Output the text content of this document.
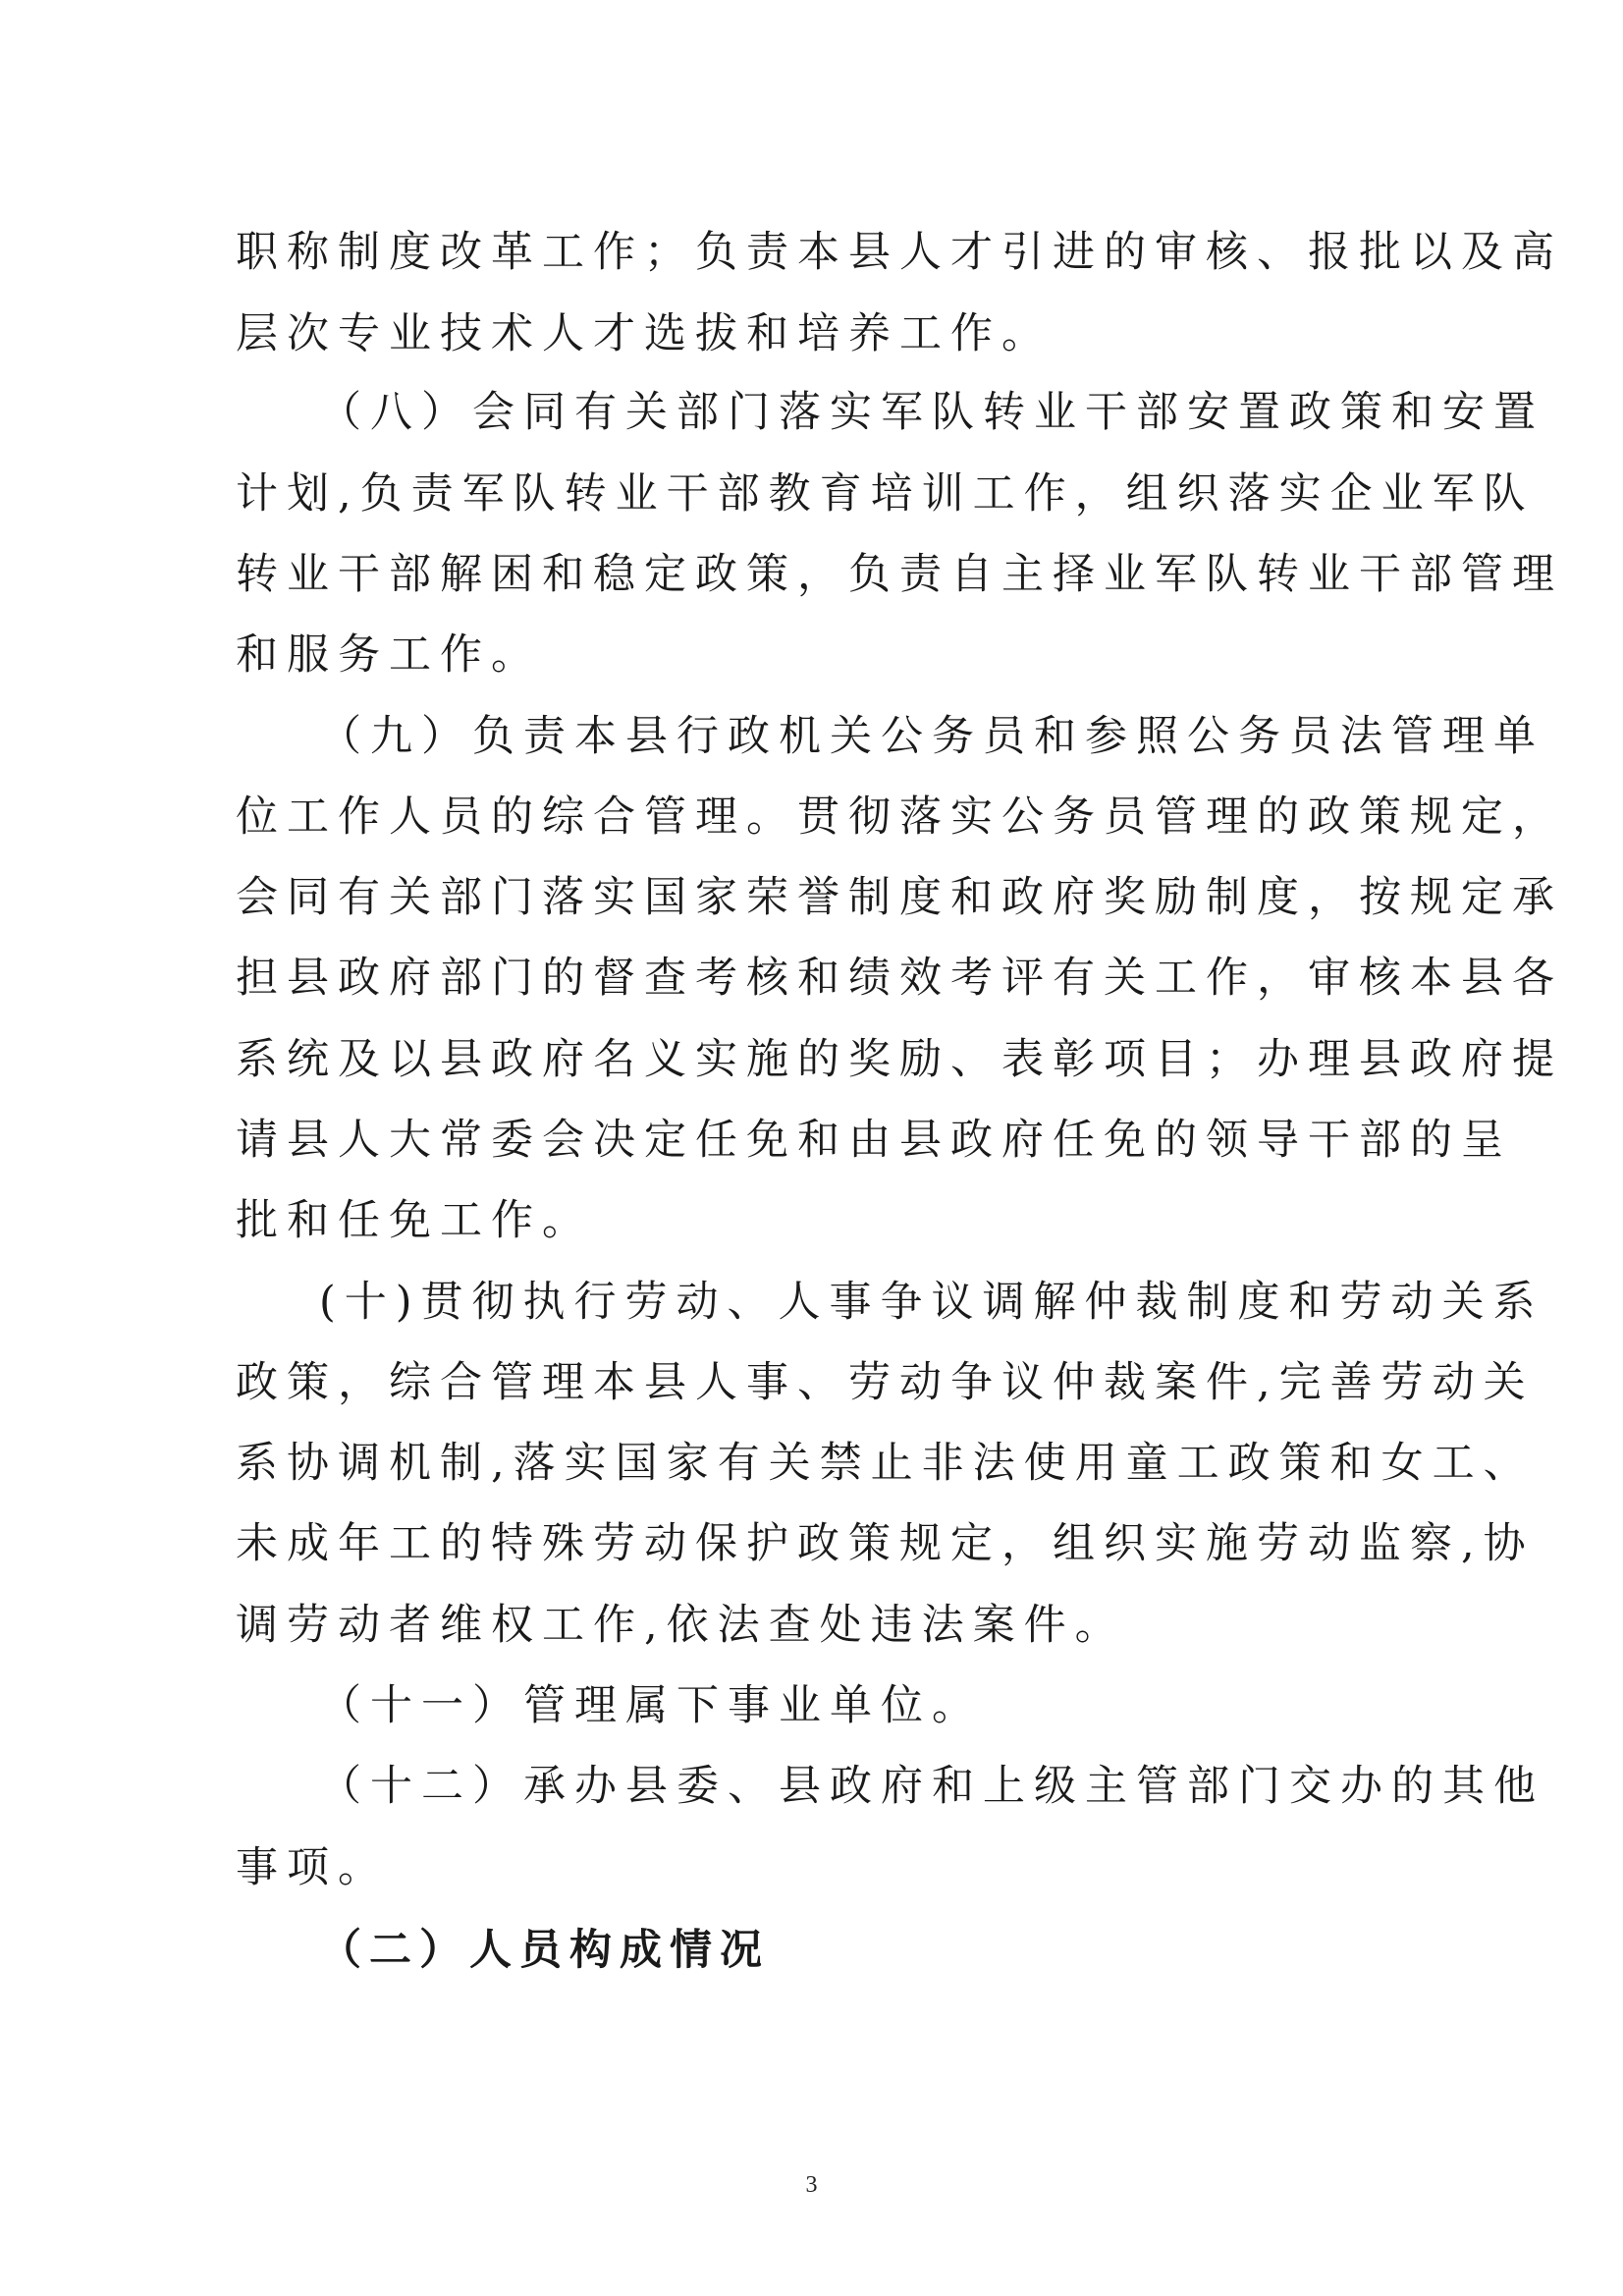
职称制度改革工作；负责本县人才引进的审核、报批以及高
层次专业技术人才选拔和培养工作。
（八）会同有关部门落实军队转业干部安置政策和安置
计划,负责军队转业干部教育培训工作，组织落实企业军队
转业干部解困和稳定政策，负责自主择业军队转业干部管理
和服务工作。
（九）负责本县行政机关公务员和参照公务员法管理单
位工作人员的综合管理。贯彻落实公务员管理的政策规定，
会同有关部门落实国家荣誉制度和政府奖励制度，按规定承
担县政府部门的督查考核和绩效考评有关工作，审核本县各
系统及以县政府名义实施的奖励、表彰项目；办理县政府提
请县人大常委会决定任免和由县政府任免的领导干部的呈
批和任免工作。
(十)贯彻执行劳动、人事争议调解仲裁制度和劳动关系
政策，综合管理本县人事、劳动争议仲裁案件,完善劳动关
系协调机制,落实国家有关禁止非法使用童工政策和女工、
未成年工的特殊劳动保护政策规定，组织实施劳动监察,协
调劳动者维权工作,依法查处违法案件。
（十一）管理属下事业单位。
（十二）承办县委、县政府和上级主管部门交办的其他
事项。
（二）人员构成情况
3
